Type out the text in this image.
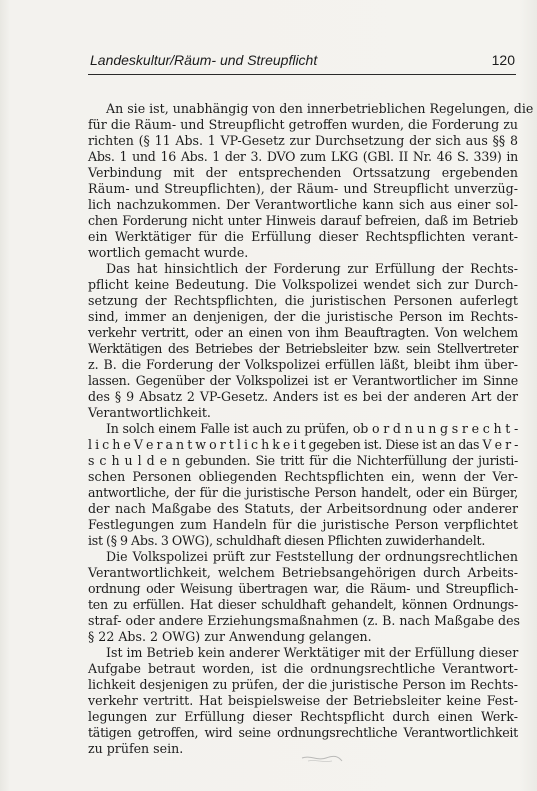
Landeskultur/Räum- und Streupflicht	120
An sie ist, unabhängig von den innerbetrieblichen Regelungen, die
für die Räum- und Streupflicht getroffen wurden, die Forderung zu
richten (§ 11 Abs. 1 VP-Gesetz zur Durchsetzung der sich aus §§ 8
Abs. 1 und 16 Abs. 1 der 3. DVO zum LKG (GBl. II Nr. 46 S. 339) in
Verbindung mit der entsprechenden Ortssatzung ergebenden
Räum- und Streupflichten), der Räum- und Streupflicht unverzüg-
lich nachzukommen. Der Verantwortliche kann sich aus einer sol-
chen Forderung nicht unter Hinweis darauf befreien, daß im Betrieb
ein Werktätiger für die Erfüllung dieser Rechtspflichten verant-
wortlich gemacht wurde.
Das hat hinsichtlich der Forderung zur Erfüllung der Rechts-
pflicht keine Bedeutung. Die Volkspolizei wendet sich zur Durch-
setzung der Rechtspflichten, die juristischen Personen auferlegt
sind, immer an denjenigen, der die juristische Person im Rechts-
verkehr vertritt, oder an einen von ihm Beauftragten. Von welchem
Werktätigen des Betriebes der Betriebsleiter bzw. sein Stellvertreter
z. B. die Forderung der Volkspolizei erfüllen läßt, bleibt ihm über-
lassen. Gegenüber der Volkspolizei ist er Verantwortlicher im Sinne
des § 9 Absatz 2 VP-Gesetz. Anders ist es bei der anderen Art der
Verantwortlichkeit.
In solch einem Falle ist auch zu prüfen, ob o r d n u n g s r e c h t -
l i c h e V e r a n t w o r t l i c h k e i t gegeben ist. Diese ist an das V e r -
s c h u l d e n gebunden. Sie tritt für die Nichterfüllung der juristi-
schen Personen obliegenden Rechtspflichten ein, wenn der Ver-
antwortliche, der für die juristische Person handelt, oder ein Bürger,
der nach Maßgabe des Statuts, der Arbeitsordnung oder anderer
Festlegungen zum Handeln für die juristische Person verpflichtet
ist (§ 9 Abs. 3 OWG), schuldhaft diesen Pflichten zuwiderhandelt.
Die Volkspolizei prüft zur Feststellung der ordnungsrechtlichen
Verantwortlichkeit, welchem Betriebsangehörigen durch Arbeits-
ordnung oder Weisung übertragen war, die Räum- und Streupflich-
ten zu erfüllen. Hat dieser schuldhaft gehandelt, können Ordnungs-
straf- oder andere Erziehungsmaßnahmen (z. B. nach Maßgabe des
§ 22 Abs. 2 OWG) zur Anwendung gelangen.
Ist im Betrieb kein anderer Werktätiger mit der Erfüllung dieser
Aufgabe betraut worden, ist die ordnungsrechtliche Verantwort-
lichkeit desjenigen zu prüfen, der die juristische Person im Rechts-
verkehr vertritt. Hat beispielsweise der Betriebsleiter keine Fest-
legungen zur Erfüllung dieser Rechtspflicht durch einen Werk-
tätigen getroffen, wird seine ordnungsrechtliche Verantwortlichkeit
zu prüfen sein.
